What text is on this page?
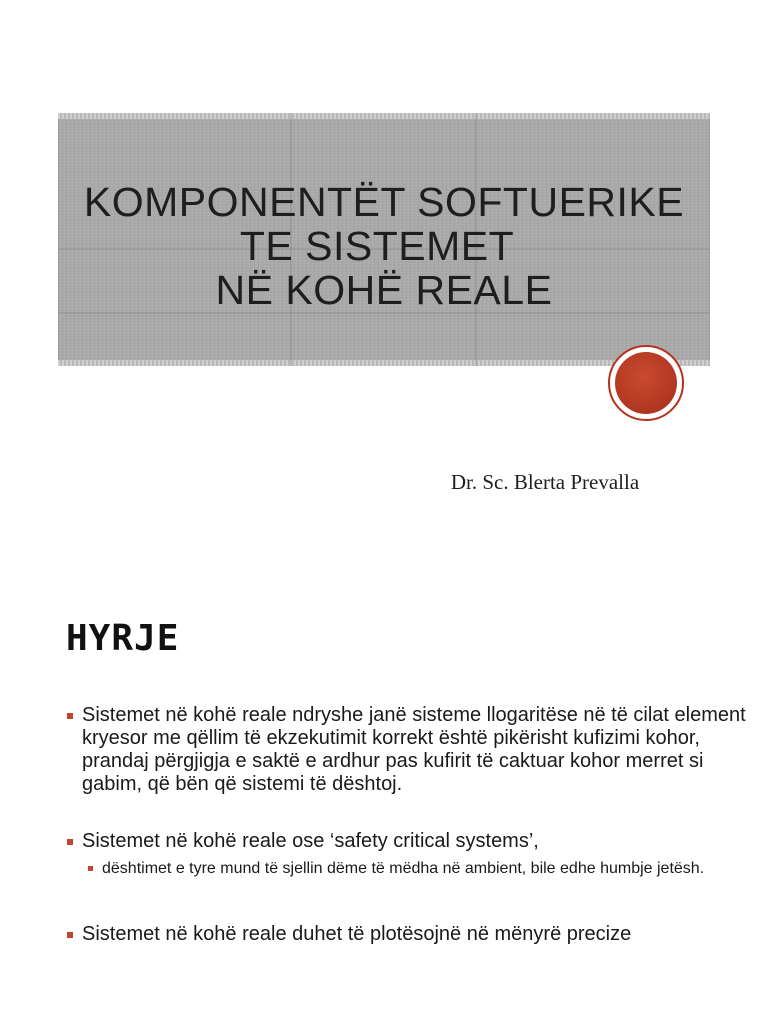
KOMPONENTËT SOFTUERIKE
TE SISTEMET
NË KOHË REALE

Dr. Sc. Blerta Prevalla

HYRJE
Sistemet në kohë reale ndryshe janë sisteme llogaritëse në të cilat element kryesor me qëllim të ekzekutimit korrekt është pikërisht kufizimi kohor, prandaj përgjigja e saktë e ardhur pas kufirit të caktuar kohor merret si gabim, që bën që sistemi të dështoj.
Sistemet në kohë reale ose ‘safety critical systems’,
dështimet e tyre mund të sjellin dëme të mëdha në ambient, bile edhe humbje jetësh.
Sistemet në kohë reale duhet të plotësojnë në mënyrë precize
